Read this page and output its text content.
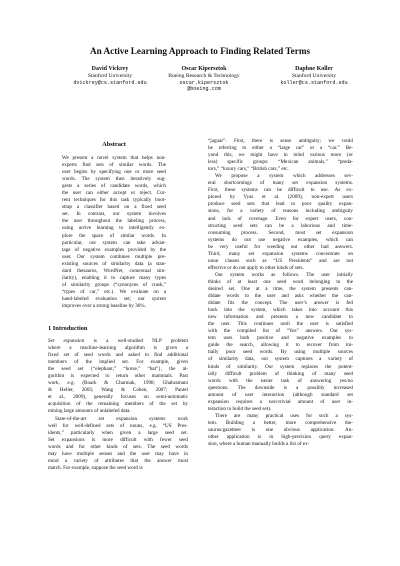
An Active Learning Approach to Finding Related Terms
David Vickrey
Stanford University
dvickrey@cs.stanford.edu
Oscar Kipersztok
Boeing Research & Technology
oscar.kipersztok
@boeing.com
Daphne Koller
Stanford University
koller@cs.stanford.edu
Abstract
We present a novel system that helps non-
experts find sets of similar words. The
user begins by specifying one or more seed
words. The system then iteratively sug-
gests a series of candidate words, which
the user can either accept or reject. Cur-
rent techniques for this task typically boot-
strap a classifier based on a fixed seed
set. In contrast, our system involves
the user throughout the labeling process,
using active learning to intelligently ex-
plore the space of similar words. In
particular, our system can take advan-
tage of negative examples provided by the
user. Our system combines multiple pre-
existing sources of similarity data (a stan-
dard thesaurus, WordNet, contextual sim-
ilarity), enabling it to capture many types
of similarity groups (“synonyms of crash,”
“types of car,” etc.). We evaluate on a
hand-labeled evaluation set; our system
improves over a strong baseline by 36%.
1 Introduction
Set expansion is a well-studied NLP problem
where a machine-learning algorithm is given a
fixed set of seed words and asked to find additional
members of the implied set. For example, given
the seed set {“elephant,” “horse,” “bat”}, the al-
gorithm is expected to return other mammals. Past
work, e.g. (Roark & Charniak, 1998; Ghahramani
& Heller, 2005; Wang & Cohen, 2007; Pantel
et al., 2009), generally focuses on semi-automatic
acquisition of the remaining members of the set by
mining large amounts of unlabeled data.
State-of-the-art set expansion systems work
well for well-defined sets of nouns, e.g. “US Pres-
idents,” particularly when given a large seed set.
Set expansions is more difficult with fewer seed
words and for other kinds of sets. The seed words
may have multiple senses and the user may have in
mind a variety of attributes that the answer must
match. For example, suppose the seed word is
“jaguar”. First, there is sense ambiguity; we could
be referring to either a “large cat” or a “car.” Be-
yond this, we might have in mind various more (or
less) specific groups: “Mexican animals,” “preda-
tors,” “luxury cars,” “British cars,” etc.
We propose a system which addresses sev-
eral shortcomings of many set expansion systems.
First, these systems can be difficult to use. As ex-
plored by Vyas et al. (2009), non-expert users
produce seed sets that lead to poor quality expan-
sions, for a variety of reasons including ambiguity
and lack of coverage. Even for expert users, con-
structing seed sets can be a laborious and time-
consuming process. Second, most set expansion
systems do not use negative examples, which can
be very useful for weeding out other bad answers.
Third, many set expansion systems concentrate on
noun classes such as “US Presidents” and are not
effective or do not apply to other kinds of sets.
Our system works as follows. The user initially
thinks of at least one seed word belonging to the
desired set. One at a time, the system presents can-
didate words to the user and asks whether the can-
didate fits the concept. The user’s answer is fed
back into the system, which takes into account this
new information and presents a new candidate to
the user. This continues until the user is satisfied
with the compiled list of “Yes” answers. Our sys-
tem uses both positive and negative examples to
guide the search, allowing it to recover from ini-
tially poor seed words. By using multiple sources
of similarity data, our system captures a variety of
kinds of similarity. Our system replaces the potent-
ially difficult problem of thinking of many seed
words with the easier task of answering yes/no
questions. The downside is a possibly increased
amount of user interaction (although standard set
expansion requires a non-trivial amount of user in-
teraction to build the seed set).
There are many practical uses for such a sys-
tem. Building a better, more comprehensive the-
saurus/gazetteer is one obvious application. An-
other application is in high-precision query expan-
sion, where a human manually builds a list of ex-
